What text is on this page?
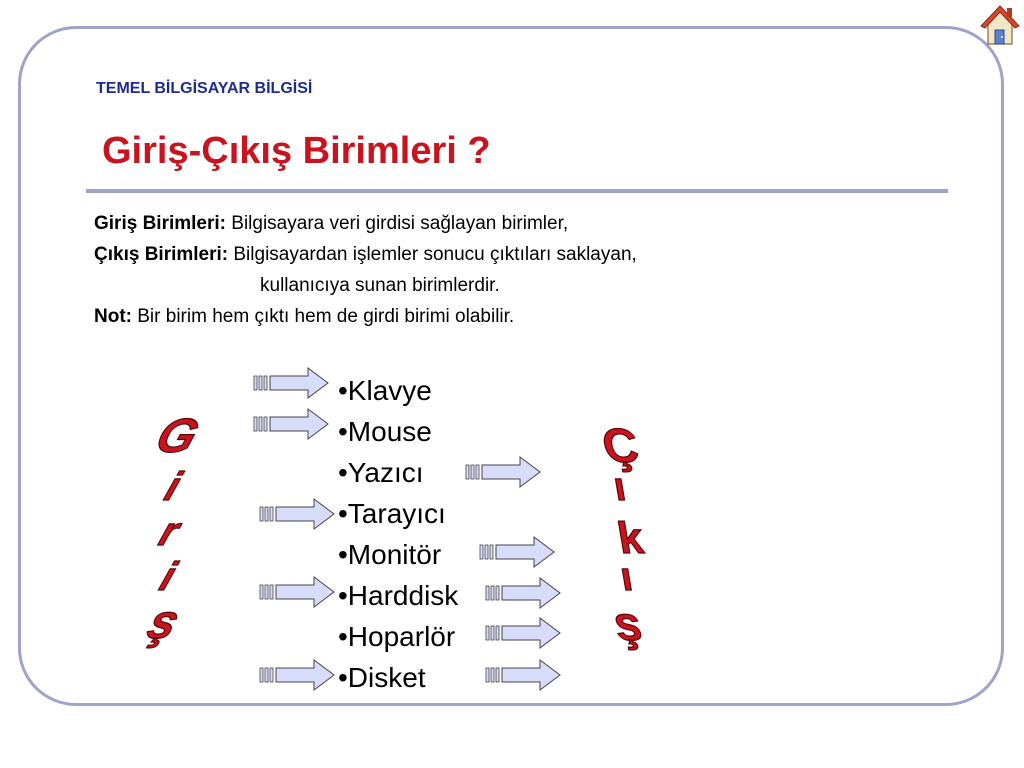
TEMEL BİLGİSAYAR BİLGİSİ
Giriş-Çıkış Birimleri ?
Giriş Birimleri: Bilgisayara veri girdisi sağlayan birimler,
Çıkış Birimleri: Bilgisayardan işlemler sonucu çıktıları saklayan,
kullanıcıya sunan birimlerdir.
Not: Bir birim hem çıktı hem de girdi birimi olabilir.
•Klavye
•Mouse
•Yazıcı
•Tarayıcı
•Monitör
•Harddisk
•Hoparlör
•Disket
G
i
r
i
ş
Ç
ı
k
ı
ş
